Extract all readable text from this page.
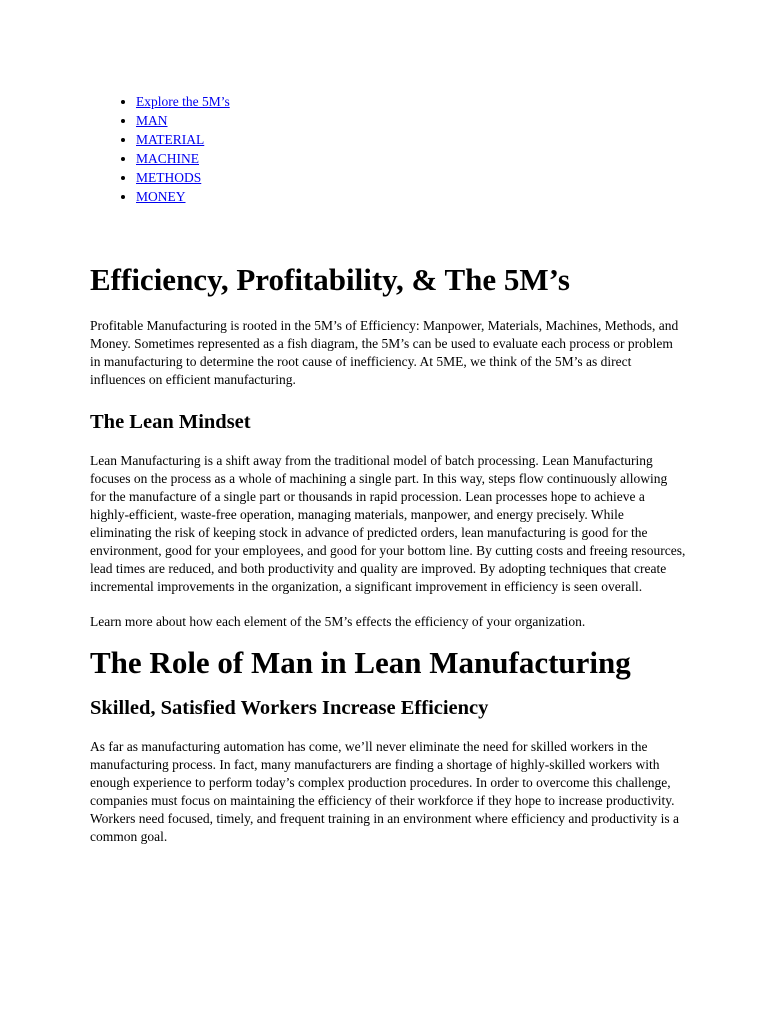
• Explore the 5M’s
• MAN
• MATERIAL
• MACHINE
• METHODS
• MONEY
Efficiency, Profitability, & The 5M’s

Profitable Manufacturing is rooted in the 5M’s of Efficiency: Manpower, Materials, Machines, Methods, and Money. Sometimes represented as a fish diagram, the 5M’s can be used to evaluate each process or problem in manufacturing to determine the root cause of inefficiency. At 5ME, we think of the 5M’s as direct influences on efficient manufacturing.

The Lean Mindset

Lean Manufacturing is a shift away from the traditional model of batch processing. Lean Manufacturing focuses on the process as a whole of machining a single part. In this way, steps flow continuously allowing for the manufacture of a single part or thousands in rapid procession. Lean processes hope to achieve a highly-efficient, waste-free operation, managing materials, manpower, and energy precisely. While eliminating the risk of keeping stock in advance of predicted orders, lean manufacturing is good for the environment, good for your employees, and good for your bottom line. By cutting costs and freeing resources, lead times are reduced, and both productivity and quality are improved. By adopting techniques that create incremental improvements in the organization, a significant improvement in efficiency is seen overall.

Learn more about how each element of the 5M’s effects the efficiency of your organization.

The Role of Man in Lean Manufacturing
Skilled, Satisfied Workers Increase Efficiency

As far as manufacturing automation has come, we’ll never eliminate the need for skilled workers in the manufacturing process. In fact, many manufacturers are finding a shortage of highly-skilled workers with enough experience to perform today’s complex production procedures. In order to overcome this challenge, companies must focus on maintaining the efficiency of their workforce if they hope to increase productivity. Workers need focused, timely, and frequent training in an environment where efficiency and productivity is a common goal.
